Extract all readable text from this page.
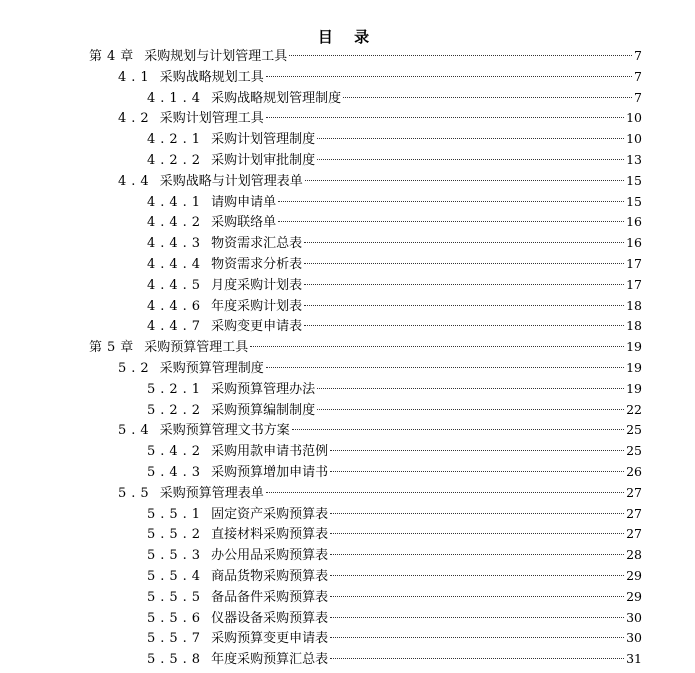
目 录
第4章 采购规划与计划管理工具	7
4.1 采购战略规划工具	7
4.1.4 采购战略规划管理制度	7
4.2 采购计划管理工具	10
4.2.1 采购计划管理制度	10
4.2.2 采购计划审批制度	13
4.4 采购战略与计划管理表单	15
4.4.1 请购申请单	15
4.4.2 采购联络单	16
4.4.3 物资需求汇总表	16
4.4.4 物资需求分析表	17
4.4.5 月度采购计划表	17
4.4.6 年度采购计划表	18
4.4.7 采购变更申请表	18
第5章 采购预算管理工具	19
5.2 采购预算管理制度	19
5.2.1 采购预算管理办法	19
5.2.2 采购预算编制制度	22
5.4 采购预算管理文书方案	25
5.4.2 采购用款申请书范例	25
5.4.3 采购预算增加申请书	26
5.5 采购预算管理表单	27
5.5.1 固定资产采购预算表	27
5.5.2 直接材料采购预算表	27
5.5.3 办公用品采购预算表	28
5.5.4 商品货物采购预算表	29
5.5.5 备品备件采购预算表	29
5.5.6 仪器设备采购预算表	30
5.5.7 采购预算变更申请表	30
5.5.8 年度采购预算汇总表	31
